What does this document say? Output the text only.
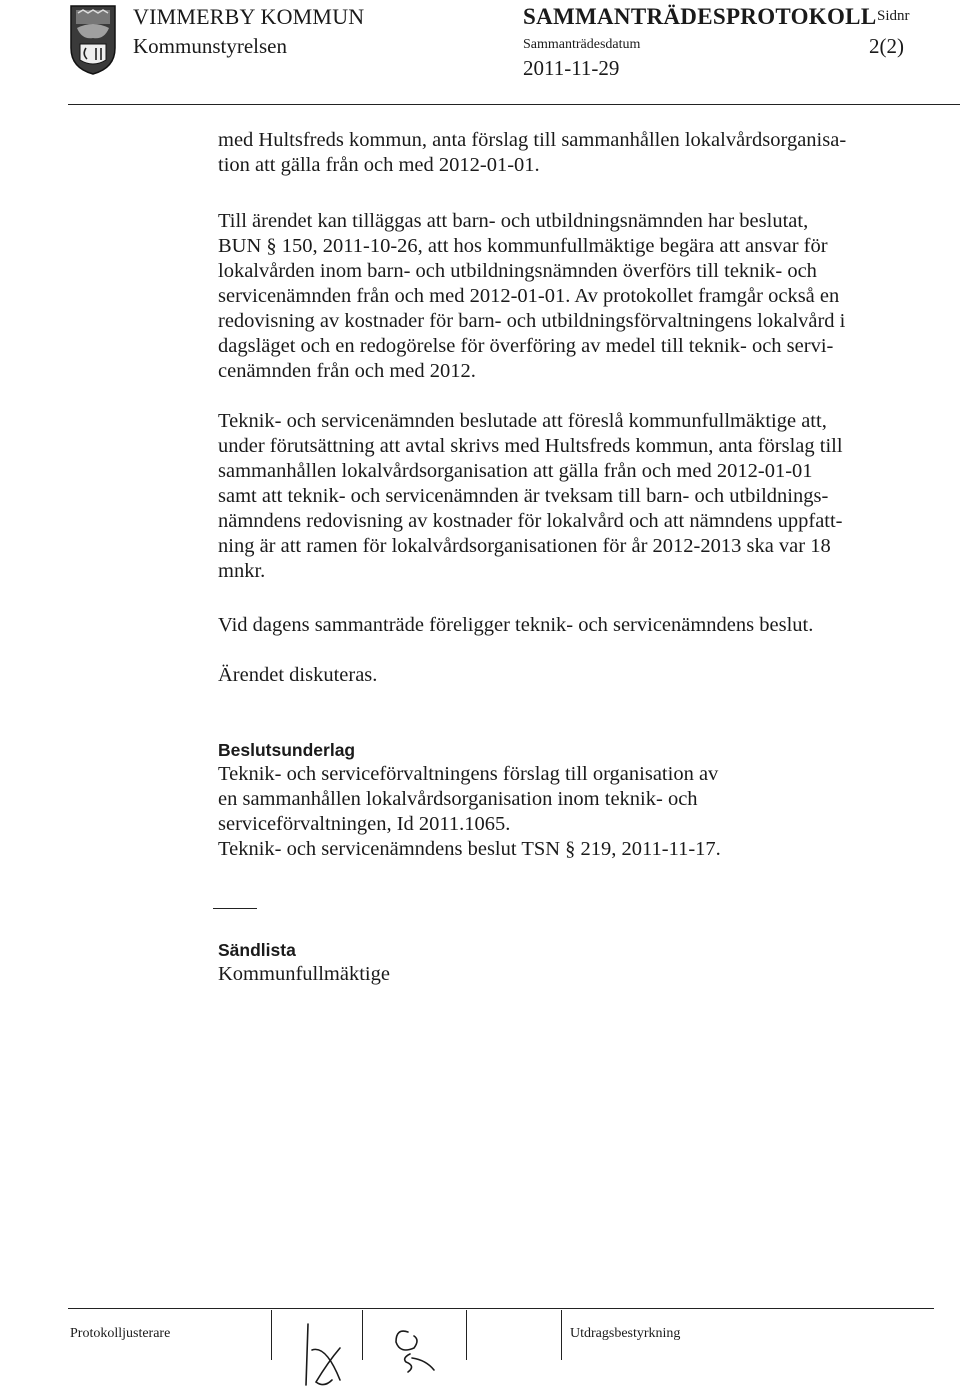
VIMMERBY KOMMUN
Kommunstyrelsen
SAMMANTRÄDESPROTOKOLL
Sammanträdesdatum
2011-11-29
Sidnr
2(2)

med Hultsfreds kommun, anta förslag till sammanhållen lokalvårdsorganisa-

tion att gälla från och med 2012-01-01.

Till ärendet kan tilläggas att barn- och utbildningsnämnden har beslutat,

BUN § 150, 2011-10-26, att hos kommunfullmäktige begära att ansvar för

lokalvården inom barn- och utbildningsnämnden överförs till teknik- och

servicenämnden från och med 2012-01-01. Av protokollet framgår också en

redovisning av kostnader för barn- och utbildningsförvaltningens lokalvård i

dagsläget och en redogörelse för överföring av medel till teknik- och servi-

cenämnden från och med 2012.

Teknik- och servicenämnden beslutade att föreslå kommunfullmäktige att,

under förutsättning att avtal skrivs med Hultsfreds kommun, anta förslag till

sammanhållen lokalvårdsorganisation att gälla från och med 2012-01-01

samt att teknik- och servicenämnden är tveksam till barn- och utbildnings-

nämndens redovisning av kostnader för lokalvård och att nämndens uppfatt-

ning är att ramen för lokalvårdsorganisationen för år 2012-2013 ska var 18

mnkr.

Vid dagens sammanträde föreligger teknik- och servicenämndens beslut.
Ärendet diskuteras.
Beslutsunderlag
Teknik- och serviceförvaltningens förslag till organisation av
en sammanhållen lokalvårdsorganisation inom teknik- och
serviceförvaltningen, Id 2011.1065.
Teknik- och servicenämndens beslut TSN § 219, 2011-11-17.
Sändlista
Kommunfullmäktige
Protokolljusterare	Utdragsbestyrkning
